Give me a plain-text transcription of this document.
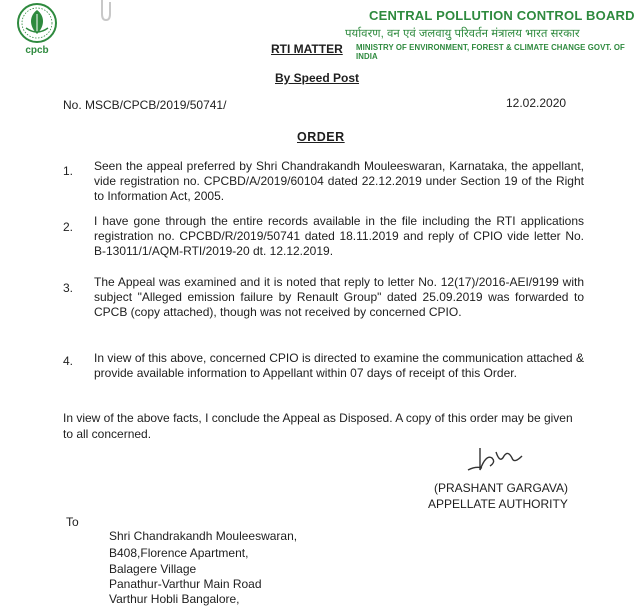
cpcb
CENTRAL POLLUTION CONTROL BOARD
पर्यावरण, वन एवं जलवायु परिवर्तन मंत्रालय भारत सरकार
MINISTRY OF ENVIRONMENT, FOREST & CLIMATE CHANGE GOVT. OF INDIA
RTI MATTER
By Speed Post
No. MSCB/CPCB/2019/50741/	12.02.2020
ORDER
1. Seen the appeal preferred by Shri Chandrakandh Mouleeswaran, Karnataka, the appellant, vide registration no. CPCBD/A/2019/60104 dated 22.12.2019 under Section 19 of the Right to Information Act, 2005.
2. I have gone through the entire records available in the file including the RTI applications registration no. CPCBD/R/2019/50741 dated 18.11.2019 and reply of CPIO vide letter No. B-13011/1/AQM-RTI/2019-20 dt. 12.12.2019.
3. The Appeal was examined and it is noted that reply to letter No. 12(17)/2016-AEI/9199 with subject "Alleged emission failure by Renault Group" dated 25.09.2019 was forwarded to CPCB (copy attached), though was not received by concerned CPIO.
4. In view of this above, concerned CPIO is directed to examine the communication attached & provide available information to Appellant within 07 days of receipt of this Order.
In view of the above facts, I conclude the Appeal as Disposed. A copy of this order may be given to all concerned.
(PRASHANT GARGAVA)
APPELLATE AUTHORITY
To
Shri Chandrakandh Mouleeswaran,
B408,Florence Apartment,
Balagere Village
Panathur-Varthur Main Road
Varthur Hobli Bangalore,
